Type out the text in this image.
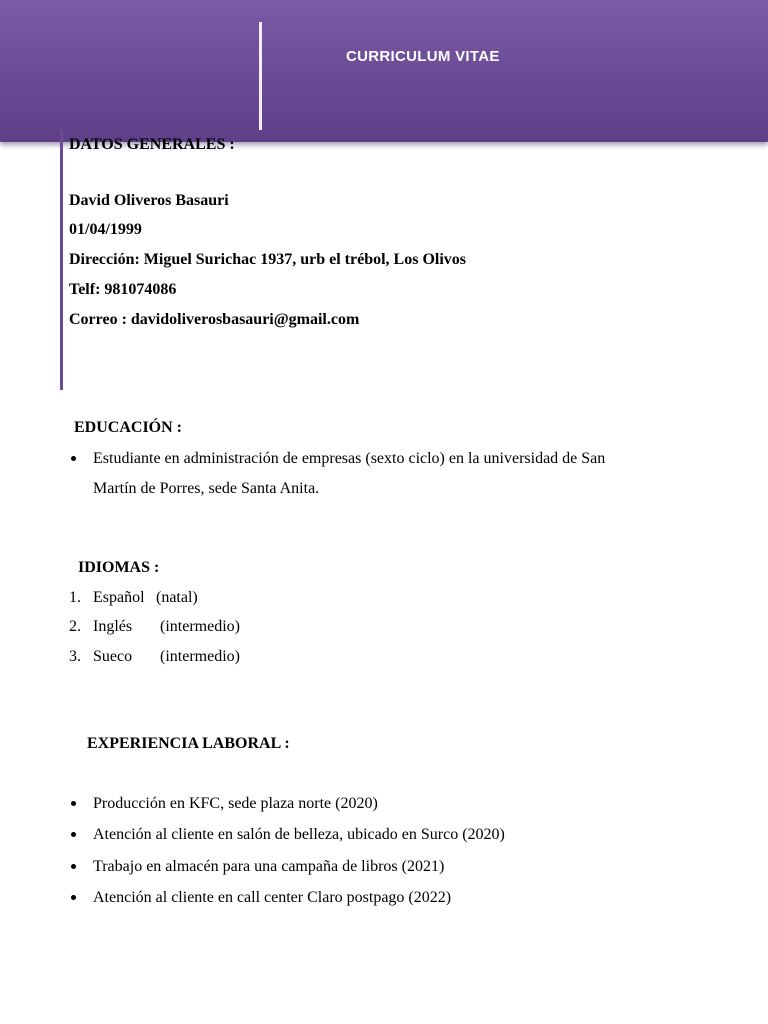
CURRICULUM VITAE
DATOS GENERALES :
David Oliveros Basauri
01/04/1999
Dirección: Miguel Surichac 1937, urb el trébol, Los Olivos
Telf: 981074086
Correo : davidoliverosbasauri@gmail.com
EDUCACIÓN :
Estudiante en administración de empresas (sexto ciclo) en la universidad de San
Martín de Porres, sede Santa Anita.
IDIOMAS :
1. Español (natal)
2. Inglés (intermedio)
3. Sueco (intermedio)
EXPERIENCIA LABORAL :
Producción en KFC, sede plaza norte (2020)
Atención al cliente en salón de belleza, ubicado en Surco (2020)
Trabajo en almacén para una campaña de libros (2021)
Atención al cliente en call center Claro postpago (2022)
